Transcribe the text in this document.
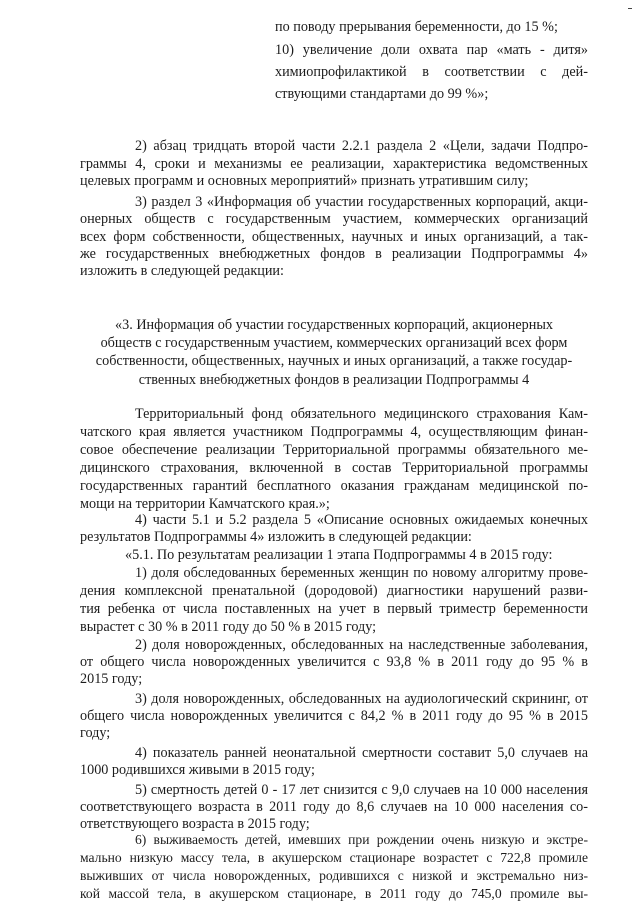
по поводу прерывания беременности, до 15 %;
10) увеличение доли охвата пар «мать - дитя»
химиопрофилактикой в соответствии с дей-
ствующими стандартами до 99 %»;
2) абзац тридцать второй части 2.2.1 раздела 2 «Цели, задачи Подпро-
граммы 4, сроки и механизмы ее реализации, характеристика ведомственных
целевых программ и основных мероприятий» признать утратившим силу;
3) раздел 3 «Информация об участии государственных корпораций, акци-
онерных обществ с государственным участием, коммерческих организаций
всех форм собственности, общественных, научных и иных организаций, а так-
же государственных внебюджетных фондов в реализации Подпрограммы 4»
изложить в следующей редакции:
«3. Информация об участии государственных корпораций, акционерных
обществ с государственным участием, коммерческих организаций всех форм
собственности, общественных, научных и иных организаций, а также государ-
ственных внебюджетных фондов в реализации Подпрограммы 4
Территориальный фонд обязательного медицинского страхования Кам-
чатского края является участником Подпрограммы 4, осуществляющим финан-
совое обеспечение реализации Территориальной программы обязательного ме-
дицинского страхования, включенной в состав Территориальной программы
государственных гарантий бесплатного оказания гражданам медицинской по-
мощи на территории Камчатского края.»;
4) части 5.1 и 5.2 раздела 5 «Описание основных ожидаемых конечных
результатов Подпрограммы 4» изложить в следующей редакции:
«5.1. По результатам реализации 1 этапа Подпрограммы 4 в 2015 году:
1) доля обследованных беременных женщин по новому алгоритму прове-
дения комплексной пренатальной (дородовой) диагностики нарушений разви-
тия ребенка от числа поставленных на учет в первый триместр беременности
вырастет с 30 % в 2011 году до 50 % в 2015 году;
2) доля новорожденных, обследованных на наследственные заболевания,
от общего числа новорожденных увеличится с 93,8 % в 2011 году до 95 % в
2015 году;
3) доля новорожденных, обследованных на аудиологический скрининг, от
общего числа новорожденных увеличится с 84,2 % в 2011 году до 95 % в 2015
году;
4) показатель ранней неонатальной смертности составит 5,0 случаев на
1000 родившихся живыми в 2015 году;
5) смертность детей 0 - 17 лет снизится с 9,0 случаев на 10 000 населения
соответствующего возраста в 2011 году до 8,6 случаев на 10 000 населения со-
ответствующего возраста в 2015 году;
6) выживаемость детей, имевших при рождении очень низкую и экстре-
мально низкую массу тела, в акушерском стационаре возрастет с 722,8 промиле
выживших от числа новорожденных, родившихся с низкой и экстремально низ-
кой массой тела, в акушерском стационаре, в 2011 году до 745,0 промиле вы-
